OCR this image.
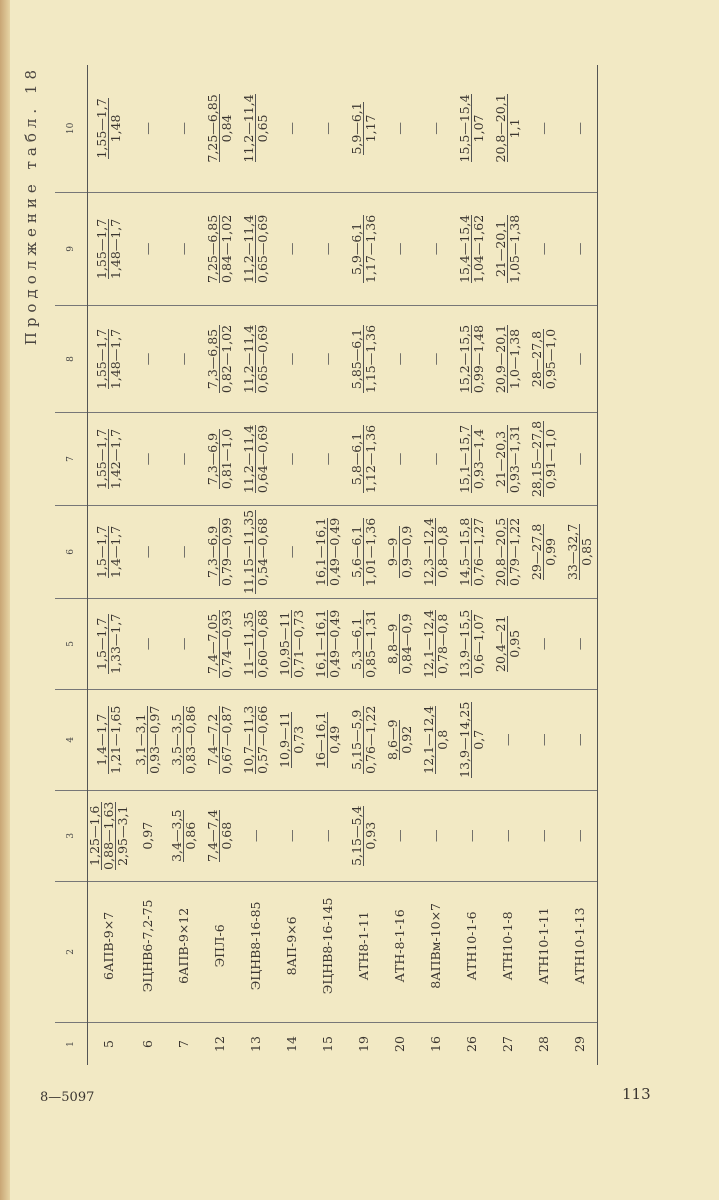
Продолжение табл. 18
1	2	3	4	5	6	7	8	9	10
5	6АПВ-9×7	1,25—1,6 0,88—1,63 2,95—3,1	1,4—1,7 1,21—1,65	1,5—1,7 1,33—1,7	1,5—1,7 1,4—1,7	1,55—1,7 1,42—1,7	1,55—1,7 1,48—1,7	1,55—1,7 1,48—1,7	1,55—1,7 1,48

6	ЭЦНВ6-7,2-75	0,97	3,1—3,1 0,93—0,97	—	—	—	—	—	—

7	6АПВ-9×12	3,4—3,5 0,86	3,5—3,5 0,83—0,86	—	—	—	—	—	—

12	ЭПЛ-6	7,4—7,4 0,68	7,4—7,2 0,67—0,87	7,4—7,05 0,74—0,93	7,3—6,9 0,79—0,99	7,3—6,9 0,81—1,0	7,3—6,85 0,82—1,02	7,25—6,85 0,84—1,02	7,25—6,85 0,84

13	ЭЦНВ8-16-85	—	10,7—11,3 0,57—0,66	11—11,35 0,60—0,68	11,15—11,35 0,54—0,68	11,2—11,4 0,64—0,69	11,2—11,4 0,65—0,69	11,2—11,4 0,65—0,69	11,2—11,4 0,65

14	8АП-9×6	—	10,9—11 0,73	10,95—11 0,71—0,73	—	—	—	—	—

15	ЭЦНВ8-16-145	—	16—16,1 0,49	16,1—16,1 0,49—0,49	16,1—16,1 0,49—0,49	—	—	—	—

19	АТН8-1-11	5,15—5,4 0,93	5,15—5,9 0,76—1,22	5,3—6,1 0,85—1,31	5,6—6,1 1,01—1,36	5,8—6,1 1,12—1,36	5,85—6,1 1,15—1,36	5,9—6,1 1,17—1,36	5,9—6,1 1,17

20	АТН-8-1-16	—	8,6—9 0,92	8,8—9 0,84—0,9	9—9 0,9—0,9	—	—	—	—

16	8АПВм-10×7	—	12,1—12,4 0,8	12,1—12,4 0,78—0,8	12,3—12,4 0,8—0,8	—	—	—	—

26	АТН10-1-6	—	13,9—14,25 0,7	13,9—15,5 0,6—1,07	14,5—15,8 0,76—1,27	15,1—15,7 0,93—1,4	15,2—15,5 0,99—1,48	15,4—15,4 1,04—1,62	15,5—15,4 1,07

27	АТН10-1-8	—	—	20,4—21 0,95	20,8—20,5 0,79—1,22	21—20,3 0,93—1,31	20,9—20,1 1,0—1,38	21—20,1 1,05—1,38	20,8—20,1 1,1

28	АТН10-1-11	—	—	—	29—27,8 0,99	28,15—27,8 0,91—1,0	28—27,8 0,95—1,0	—	—

29	АТН10-1-13	—	—	—	33—32,7 0,85	—	—	—	—
8—5097	113
